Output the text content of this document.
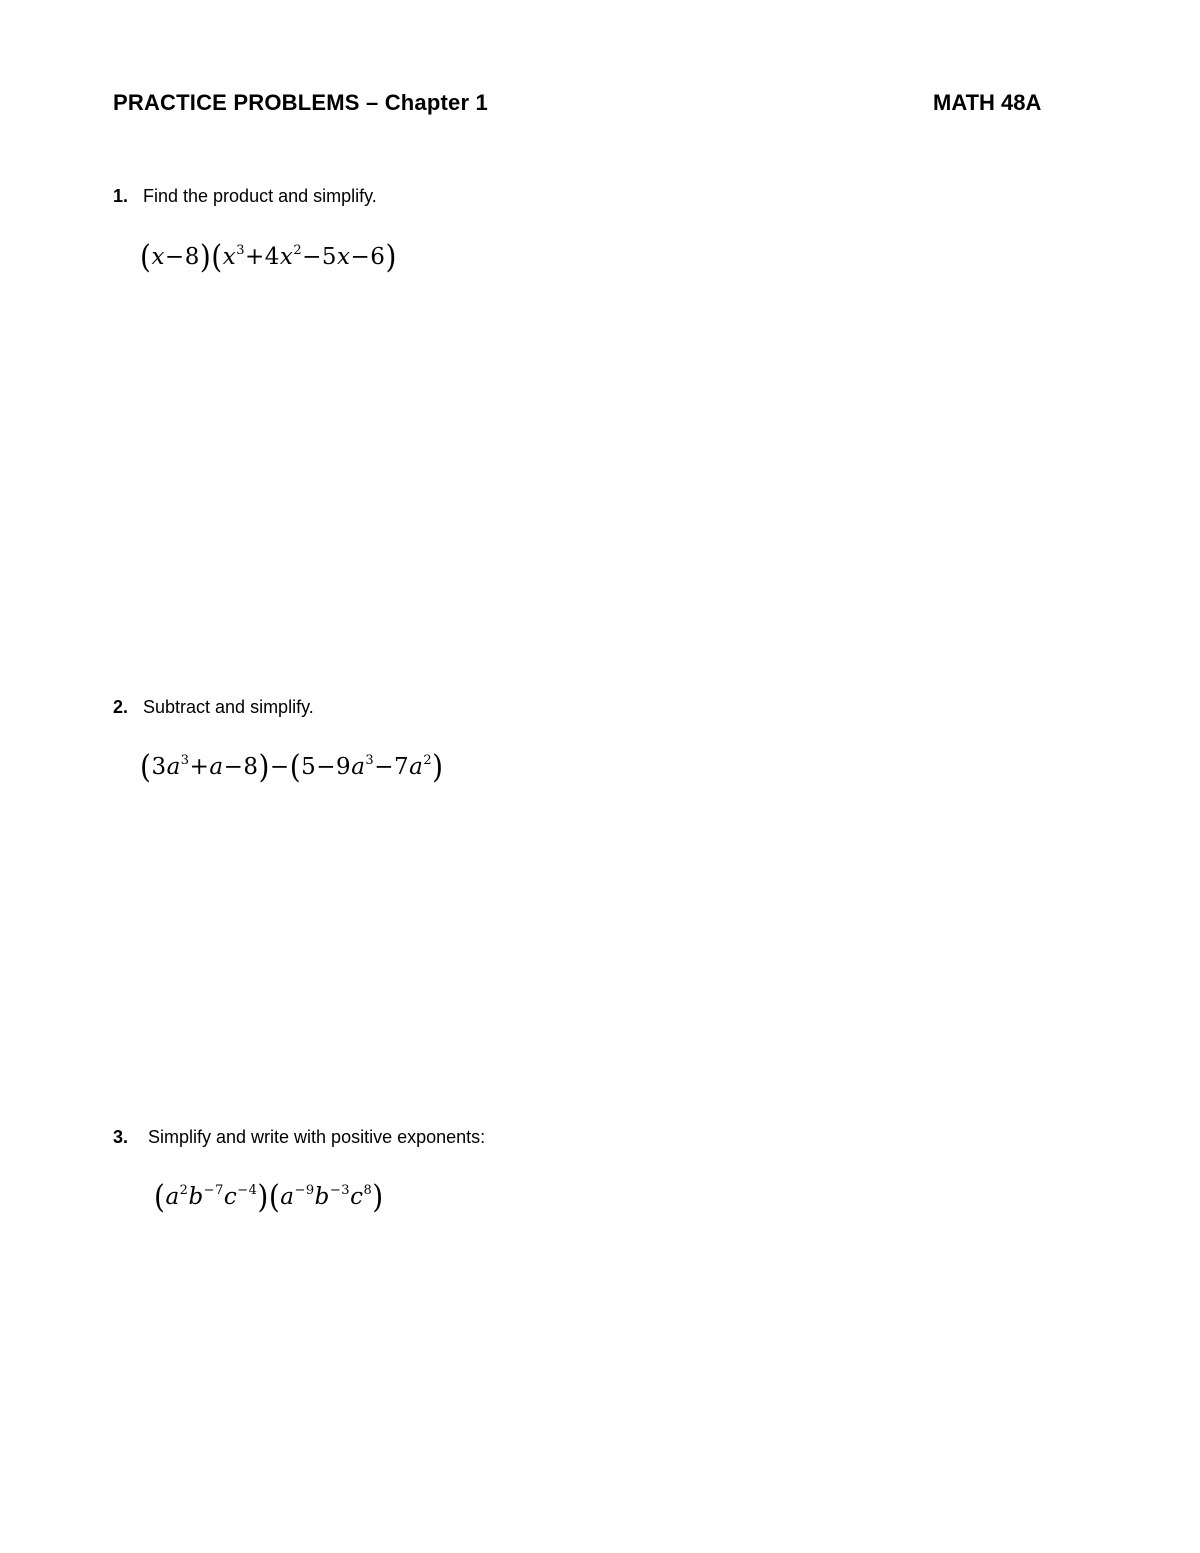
PRACTICE PROBLEMS – Chapter 1	MATH 48A
1. Find the product and simplify.
$(x-8)(x^3+4x^2-5x-6)$
2. Subtract and simplify.
$(3a^3+a-8)-(5-9a^3-7a^2)$
3. Simplify and write with positive exponents:
$(a^2b^{-7}c^{-4})(a^{-9}b^{-3}c^8)$
